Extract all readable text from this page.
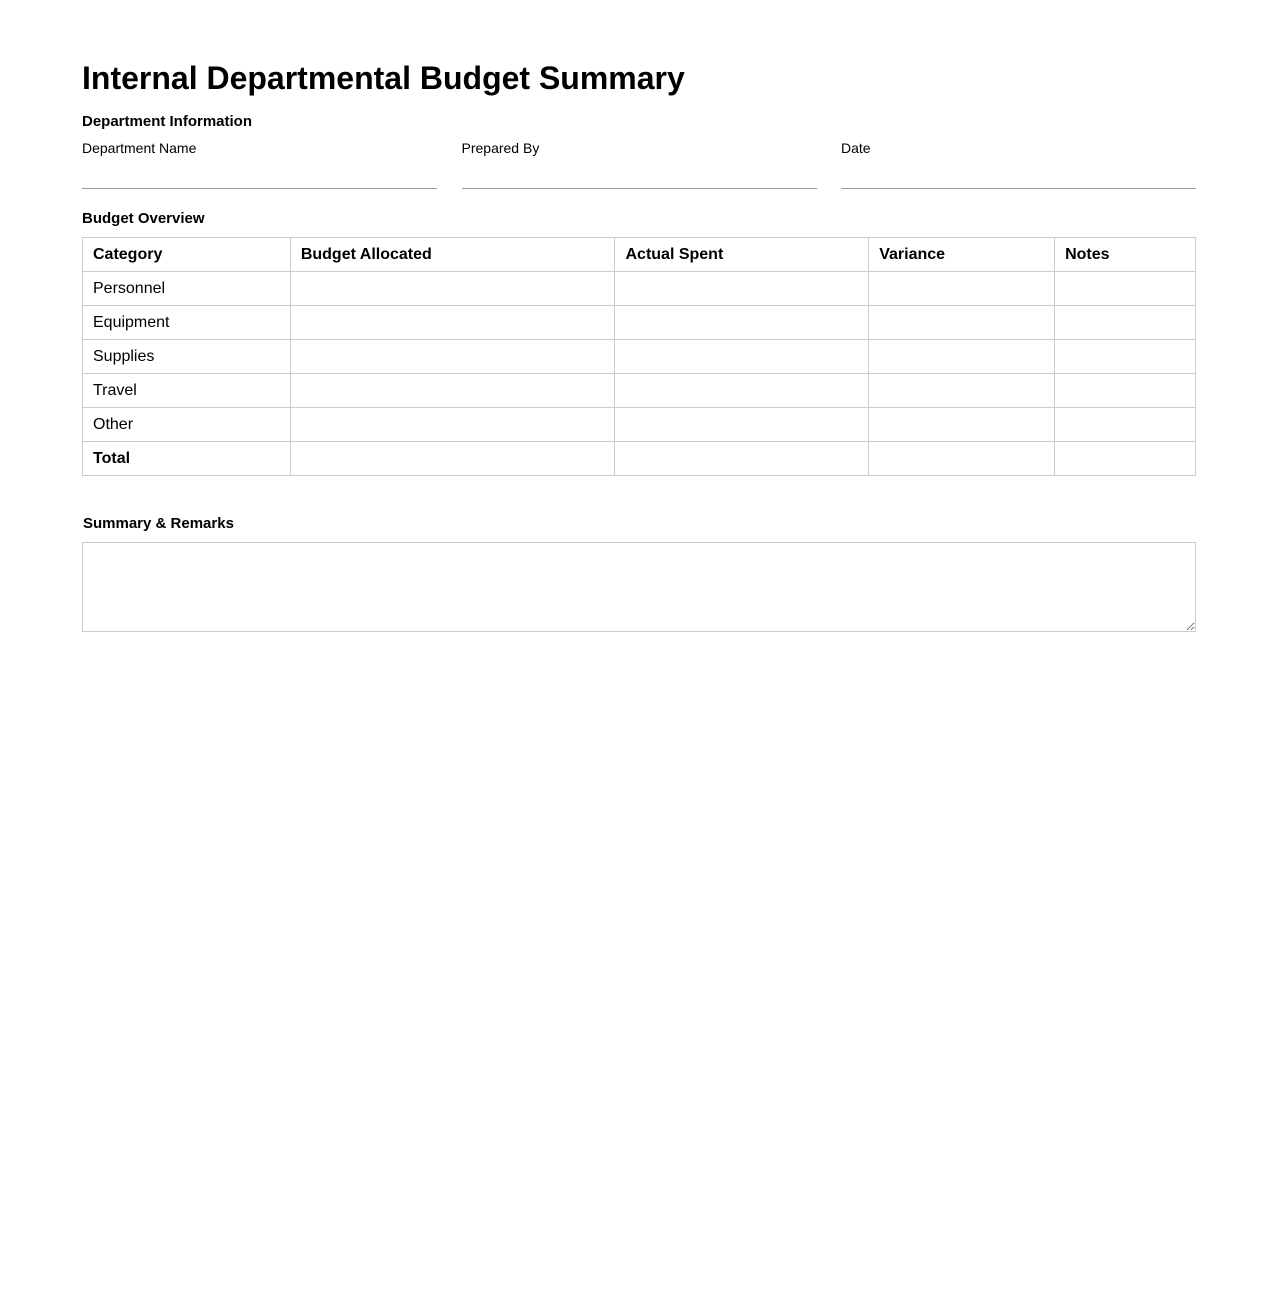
Internal Departmental Budget Summary
Department Information
Department Name	Prepared By	Date
Budget Overview
Category	Budget Allocated	Actual Spent	Variance	Notes
Personnel				
Equipment				
Supplies				
Travel				
Other				
Total				
Summary & Remarks
